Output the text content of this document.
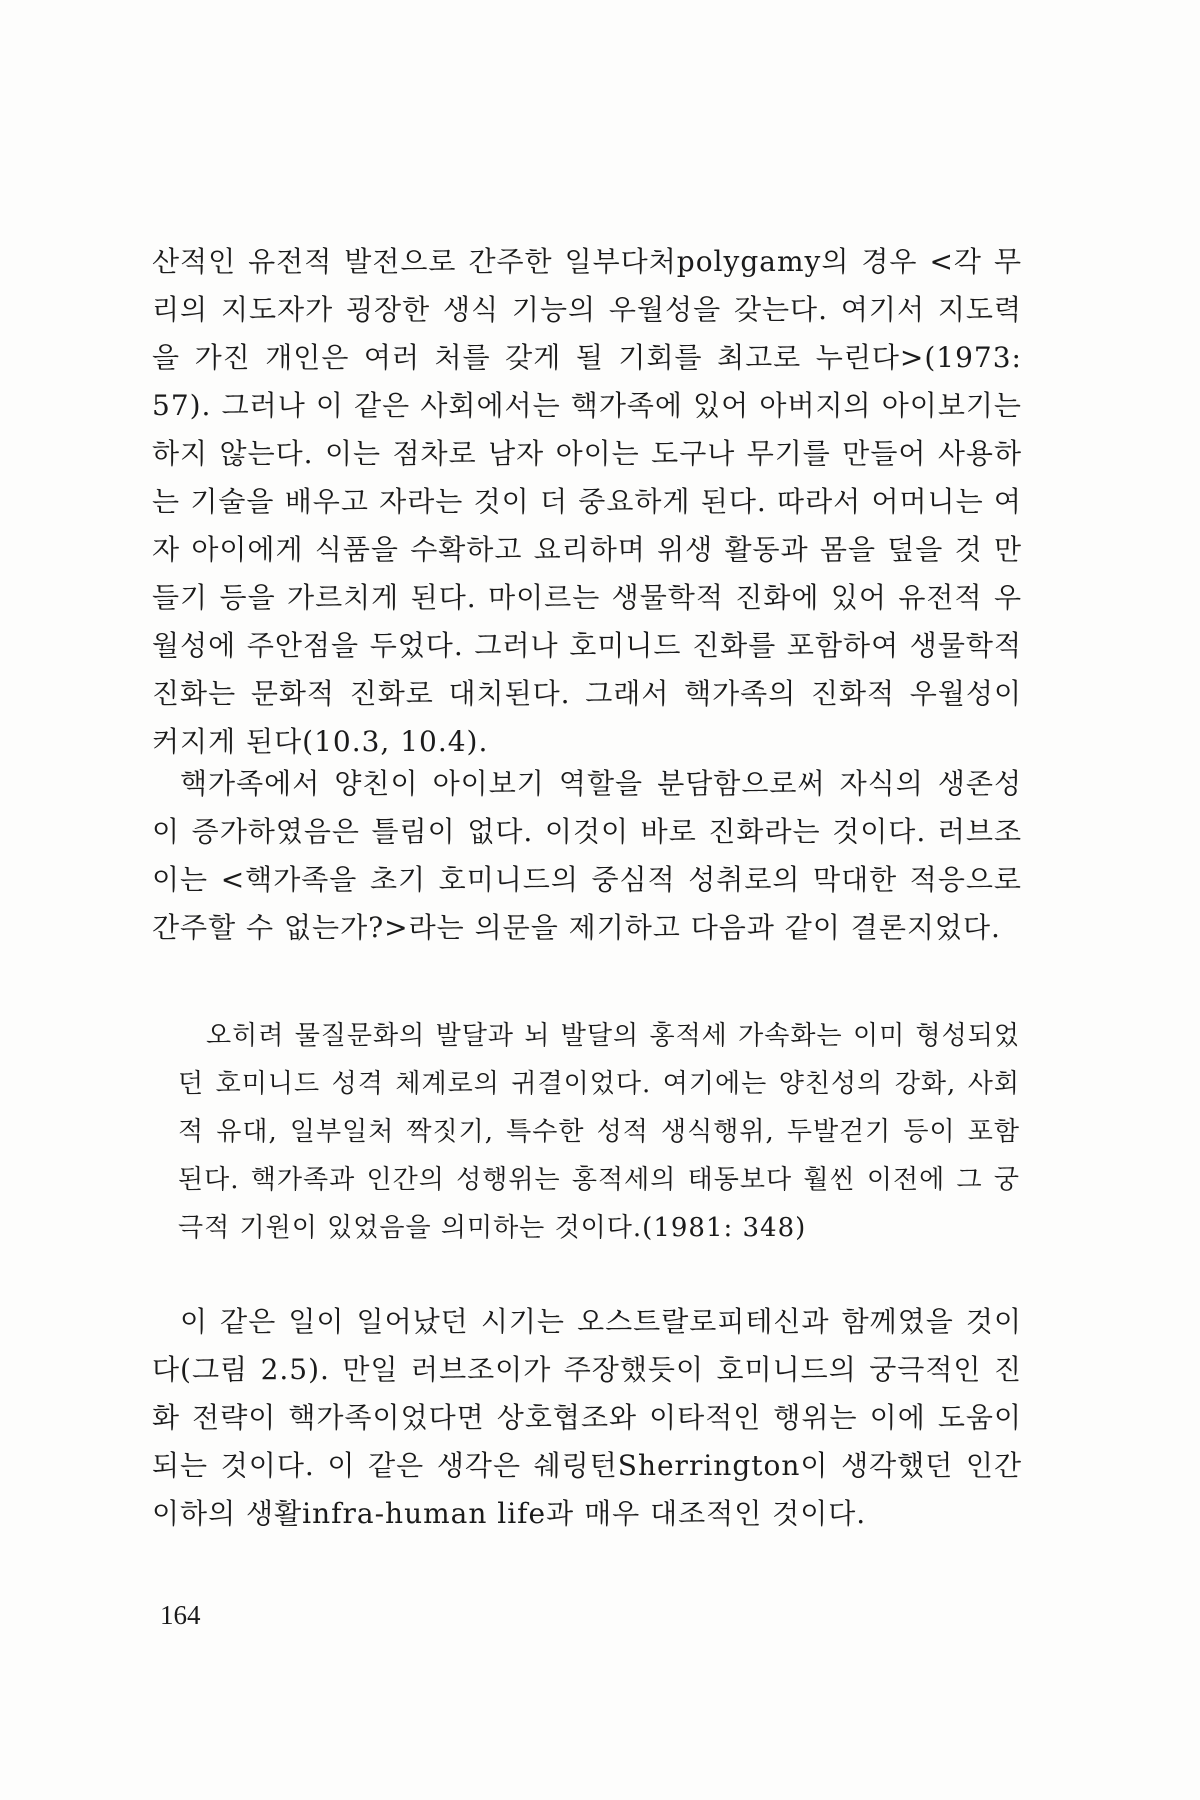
산적인 유전적 발전으로 간주한 일부다처polygamy의 경우 <각 무리의 지도자가 굉장한 생식 기능의 우월성을 갖는다. 여기서 지도력을 가진 개인은 여러 처를 갖게 될 기회를 최고로 누린다>(1973: 57). 그러나 이 같은 사회에서는 핵가족에 있어 아버지의 아이보기는 하지 않는다. 이는 점차로 남자 아이는 도구나 무기를 만들어 사용하는 기술을 배우고 자라는 것이 더 중요하게 된다. 따라서 어머니는 여자 아이에게 식품을 수확하고 요리하며 위생 활동과 몸을 덮을 것 만들기 등을 가르치게 된다. 마이르는 생물학적 진화에 있어 유전적 우월성에 주안점을 두었다. 그러나 호미니드 진화를 포함하여 생물학적 진화는 문화적 진화로 대치된다. 그래서 핵가족의 진화적 우월성이 커지게 된다(10.3, 10.4).

핵가족에서 양친이 아이보기 역할을 분담함으로써 자식의 생존성이 증가하였음은 틀림이 없다. 이것이 바로 진화라는 것이다. 러브조이는 <핵가족을 초기 호미니드의 중심적 성취로의 막대한 적응으로 간주할 수 없는가?>라는 의문을 제기하고 다음과 같이 결론지었다.

오히려 물질문화의 발달과 뇌 발달의 홍적세 가속화는 이미 형성되었던 호미니드 성격 체계로의 귀결이었다. 여기에는 양친성의 강화, 사회적 유대, 일부일처 짝짓기, 특수한 성적 생식행위, 두발걷기 등이 포함된다. 핵가족과 인간의 성행위는 홍적세의 태동보다 훨씬 이전에 그 궁극적 기원이 있었음을 의미하는 것이다.(1981: 348)

이 같은 일이 일어났던 시기는 오스트랄로피테신과 함께였을 것이다(그림 2.5). 만일 러브조이가 주장했듯이 호미니드의 궁극적인 진화 전략이 핵가족이었다면 상호협조와 이타적인 행위는 이에 도움이 되는 것이다. 이 같은 생각은 쉐링턴Sherrington이 생각했던 인간 이하의 생활infra-human life과 매우 대조적인 것이다.

164
